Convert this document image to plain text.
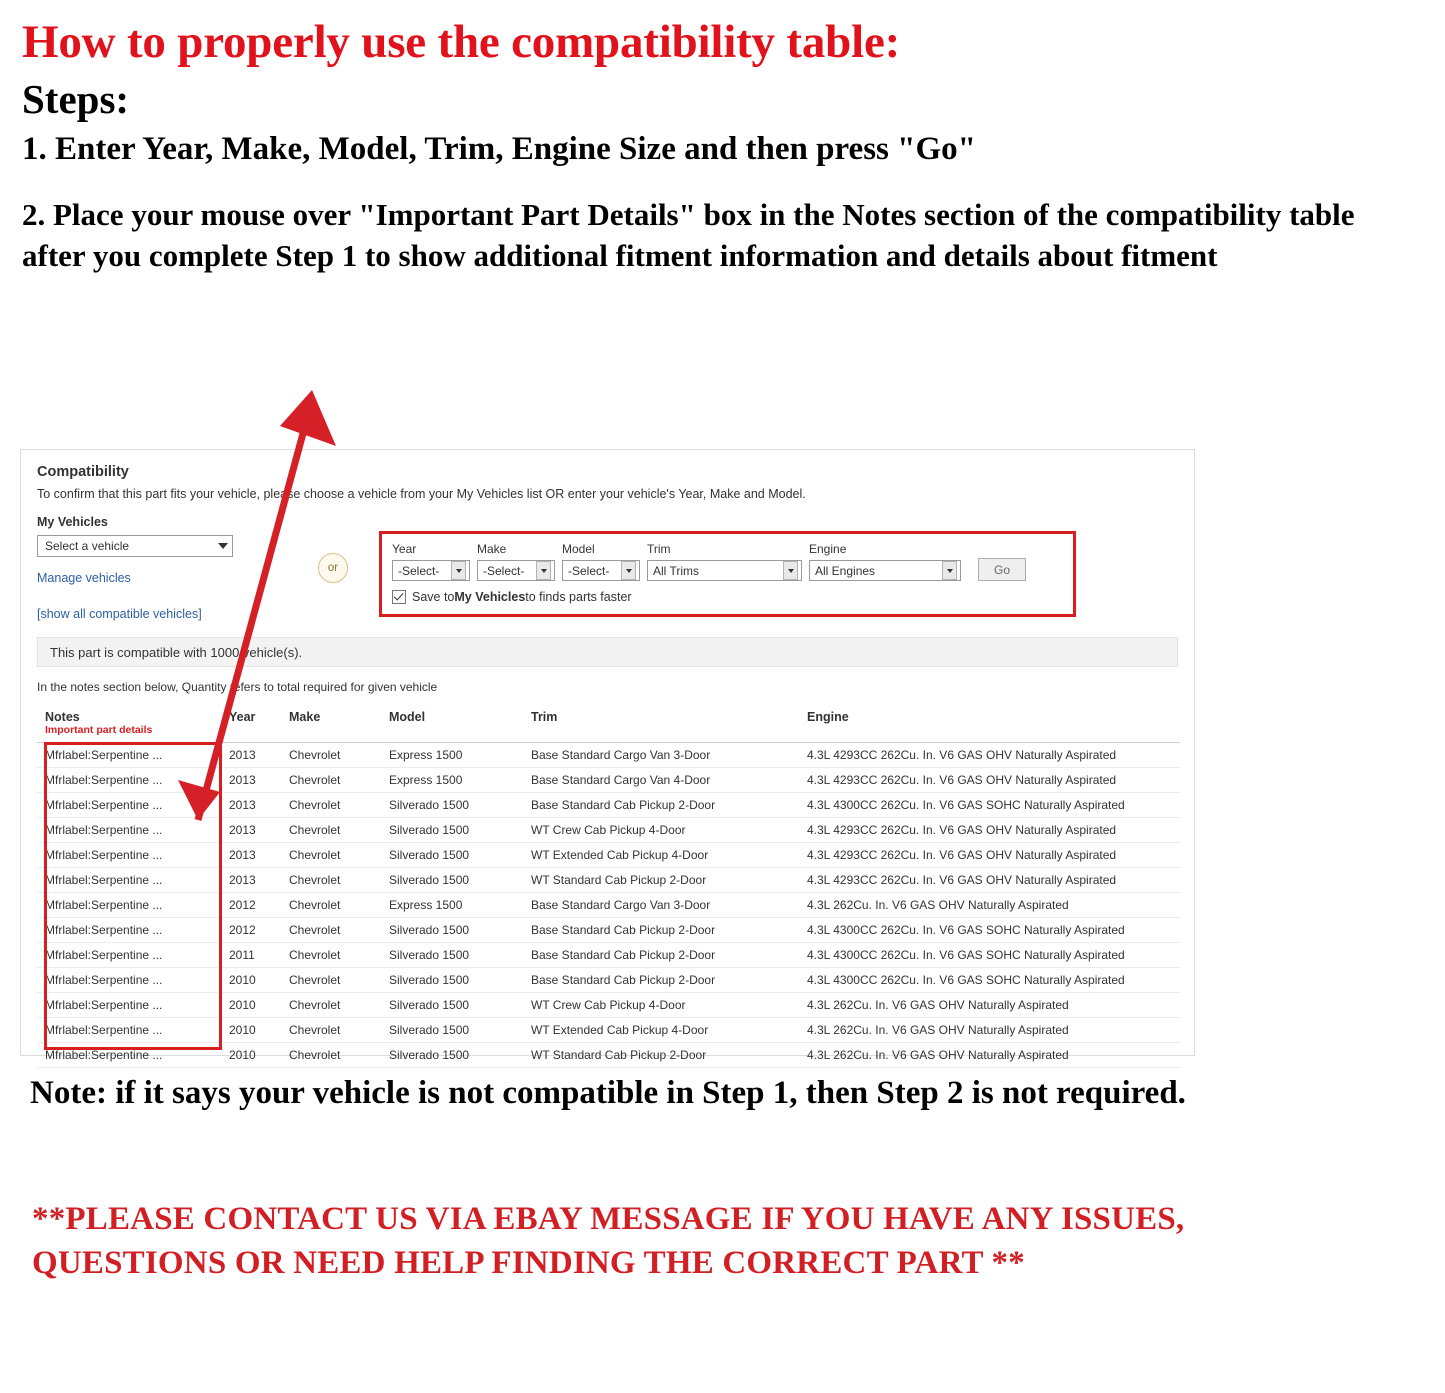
How to properly use the compatibility table:
Steps:
1. Enter Year, Make, Model, Trim, Engine Size and then press "Go"
2. Place your mouse over "Important Part Details" box in the Notes section of the compatibility table after you complete Step 1 to show additional fitment information and details about fitment
Compatibility
To confirm that this part fits your vehicle, please choose a vehicle from your My Vehicles list OR enter your vehicle's Year, Make and Model.
My Vehicles
Select a vehicle
Manage vehicles
[show all compatible vehicles]
or
Year
-Select-
Make
-Select-
Model
-Select-
Trim
All Trims
Engine
All Engines	Go
Save to My Vehicles to finds parts faster
This part is compatible with 1000 vehicle(s).
In the notes section below, Quantity refers to total required for given vehicle
Notes
Important part details	Year	Make	Model	Trim	Engine
Mfrlabel:Serpentine ...	2013	Chevrolet	Express 1500	Base Standard Cargo Van 3-Door	4.3L 4293CC 262Cu. In. V6 GAS OHV Naturally Aspirated
Mfrlabel:Serpentine ...	2013	Chevrolet	Express 1500	Base Standard Cargo Van 4-Door	4.3L 4293CC 262Cu. In. V6 GAS OHV Naturally Aspirated
Mfrlabel:Serpentine ...	2013	Chevrolet	Silverado 1500	Base Standard Cab Pickup 2-Door	4.3L 4300CC 262Cu. In. V6 GAS SOHC Naturally Aspirated
Mfrlabel:Serpentine ...	2013	Chevrolet	Silverado 1500	WT Crew Cab Pickup 4-Door	4.3L 4293CC 262Cu. In. V6 GAS OHV Naturally Aspirated
Mfrlabel:Serpentine ...	2013	Chevrolet	Silverado 1500	WT Extended Cab Pickup 4-Door	4.3L 4293CC 262Cu. In. V6 GAS OHV Naturally Aspirated
Mfrlabel:Serpentine ...	2013	Chevrolet	Silverado 1500	WT Standard Cab Pickup 2-Door	4.3L 4293CC 262Cu. In. V6 GAS OHV Naturally Aspirated
Mfrlabel:Serpentine ...	2012	Chevrolet	Express 1500	Base Standard Cargo Van 3-Door	4.3L 262Cu. In. V6 GAS OHV Naturally Aspirated
Mfrlabel:Serpentine ...	2012	Chevrolet	Silverado 1500	Base Standard Cab Pickup 2-Door	4.3L 4300CC 262Cu. In. V6 GAS SOHC Naturally Aspirated
Mfrlabel:Serpentine ...	2011	Chevrolet	Silverado 1500	Base Standard Cab Pickup 2-Door	4.3L 4300CC 262Cu. In. V6 GAS SOHC Naturally Aspirated
Mfrlabel:Serpentine ...	2010	Chevrolet	Silverado 1500	Base Standard Cab Pickup 2-Door	4.3L 4300CC 262Cu. In. V6 GAS SOHC Naturally Aspirated
Mfrlabel:Serpentine ...	2010	Chevrolet	Silverado 1500	WT Crew Cab Pickup 4-Door	4.3L 262Cu. In. V6 GAS OHV Naturally Aspirated
Mfrlabel:Serpentine ...	2010	Chevrolet	Silverado 1500	WT Extended Cab Pickup 4-Door	4.3L 262Cu. In. V6 GAS OHV Naturally Aspirated
Mfrlabel:Serpentine ...	2010	Chevrolet	Silverado 1500	WT Standard Cab Pickup 2-Door	4.3L 262Cu. In. V6 GAS OHV Naturally Aspirated
Note: if it says your vehicle is not compatible in Step 1, then Step 2 is not required.
**PLEASE CONTACT US VIA EBAY MESSAGE IF YOU HAVE ANY ISSUES, QUESTIONS OR NEED HELP FINDING THE CORRECT PART **
